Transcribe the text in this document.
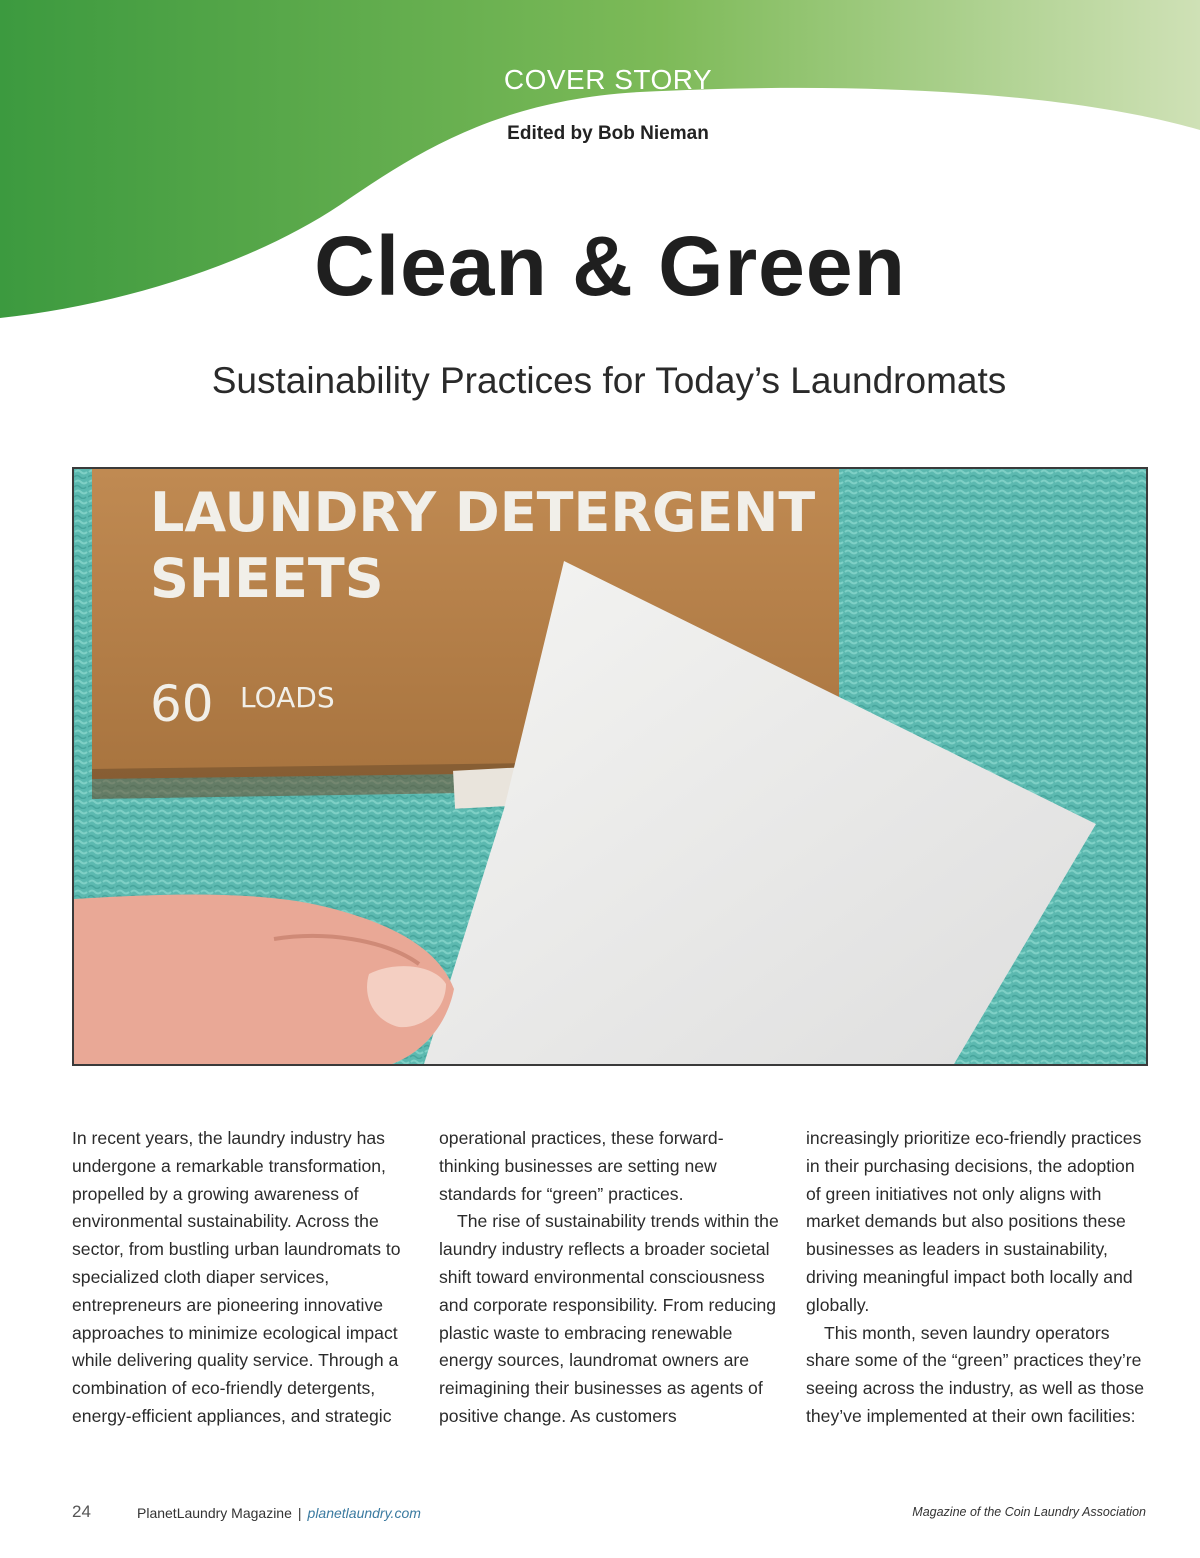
COVER STORY
Edited by Bob Nieman
Clean & Green
Sustainability Practices for Today’s Laundromats
LAUNDRY DETERGENT
SHEETS
60 LOADS

In recent years, the laundry industry has undergone a remarkable transformation, propelled by a growing awareness of environmental sustainability. Across the sector, from bustling urban laundromats to specialized cloth diaper services, entrepreneurs are pioneering innovative approaches to minimize ecological impact while delivering quality service. Through a combination of eco-friendly detergents, energy-efficient appliances, and strategic

operational practices, these forward-thinking businesses are setting new standards for “green” practices.

The rise of sustainability trends within the laundry industry reflects a broader societal shift toward environmental consciousness and corporate responsibility. From reducing plastic waste to embracing renewable energy sources, laundromat owners are reimagining their businesses as agents of positive change. As customers

increasingly prioritize eco-friendly practices in their purchasing decisions, the adoption of green initiatives not only aligns with market demands but also positions these businesses as leaders in sustainability, driving meaningful impact both locally and globally.

This month, seven laundry operators share some of the “green” practices they’re seeing across the industry, as well as those they’ve implemented at their own facilities:

24	PlanetLaundry Magazine | planetlaundry.com	Magazine of the Coin Laundry Association
